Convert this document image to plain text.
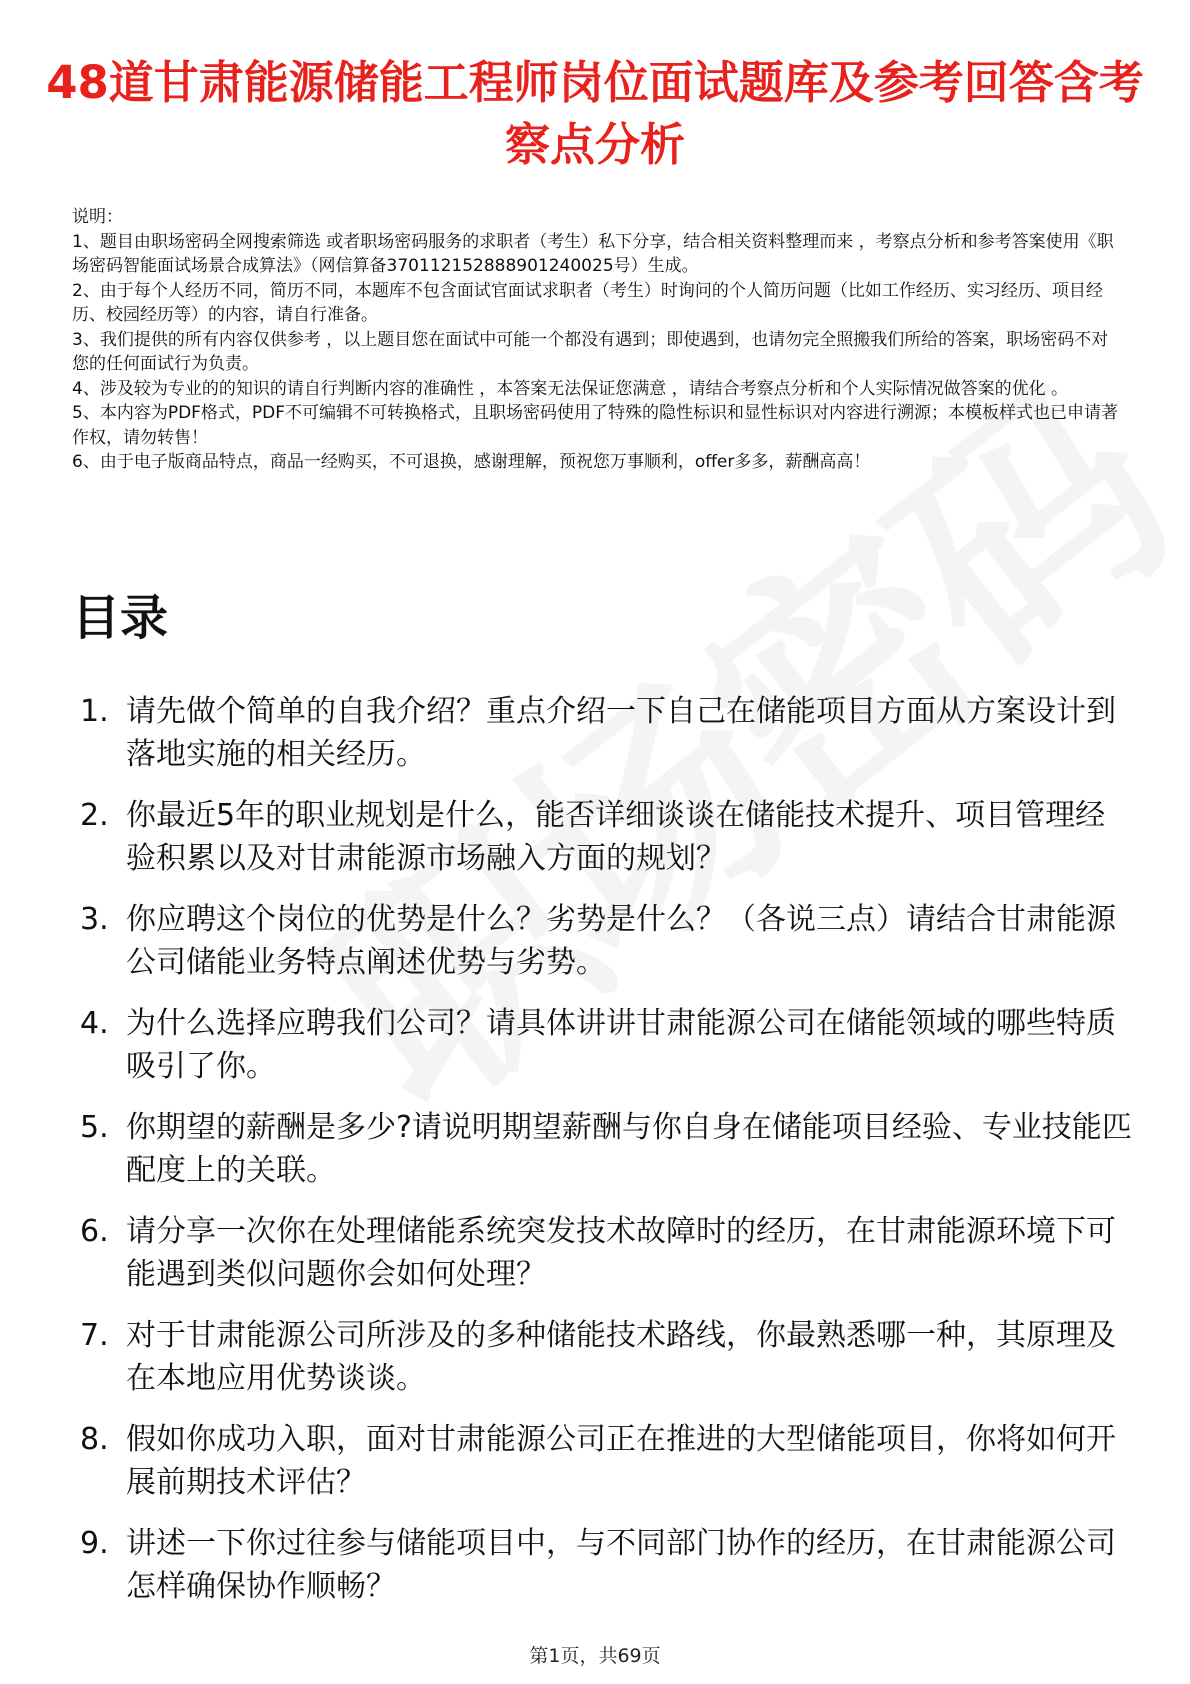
48道甘肃能源储能工程师岗位面试题库及参考回答含考察点分析

说明：

1、题目由职场密码全网搜索筛选 或者职场密码服务的求职者（考生）私下分享，结合相关资料整理而来 ，考察点分析和参考答案使用《职场密码智能面试场景合成算法》（网信算备370112152888901240025号）生成。

2、由于每个人经历不同，简历不同，本题库不包含面试官面试求职者（考生）时询问的个人简历问题（比如工作经历、实习经历、项目经历、校园经历等）的内容，请自行准备。

3、我们提供的所有内容仅供参考 ，以上题目您在面试中可能一个都没有遇到；即使遇到，也请勿完全照搬我们所给的答案，职场密码不对您的任何面试行为负责。

4、涉及较为专业的的知识的请自行判断内容的准确性 ，本答案无法保证您满意 ，请结合考察点分析和个人实际情况做答案的优化 。

5、本内容为PDF格式，PDF不可编辑不可转换格式，且职场密码使用了特殊的隐性标识和显性标识对内容进行溯源；本模板样式也已申请著作权，请勿转售！

6、由于电子版商品特点，商品一经购买，不可退换，感谢理解，预祝您万事顺利，offer多多，薪酬高高！

目录
1. 请先做个简单的自我介绍？重点介绍一下自己在储能项目方面从方案设计到落地实施的相关经历。
2. 你最近5年的职业规划是什么，能否详细谈谈在储能技术提升、项目管理经验积累以及对甘肃能源市场融入方面的规划？
3. 你应聘这个岗位的优势是什么？劣势是什么？（各说三点）请结合甘肃能源公司储能业务特点阐述优势与劣势。
4. 为什么选择应聘我们公司？请具体讲讲甘肃能源公司在储能领域的哪些特质吸引了你。
5. 你期望的薪酬是多少?请说明期望薪酬与你自身在储能项目经验、专业技能匹配度上的关联。
6. 请分享一次你在处理储能系统突发技术故障时的经历，在甘肃能源环境下可能遇到类似问题你会如何处理？
7. 对于甘肃能源公司所涉及的多种储能技术路线，你最熟悉哪一种，其原理及在本地应用优势谈谈。
8. 假如你成功入职，面对甘肃能源公司正在推进的大型储能项目，你将如何开展前期技术评估？
9. 讲述一下你过往参与储能项目中，与不同部门协作的经历，在甘肃能源公司怎样确保协作顺畅？
第1页，共69页
